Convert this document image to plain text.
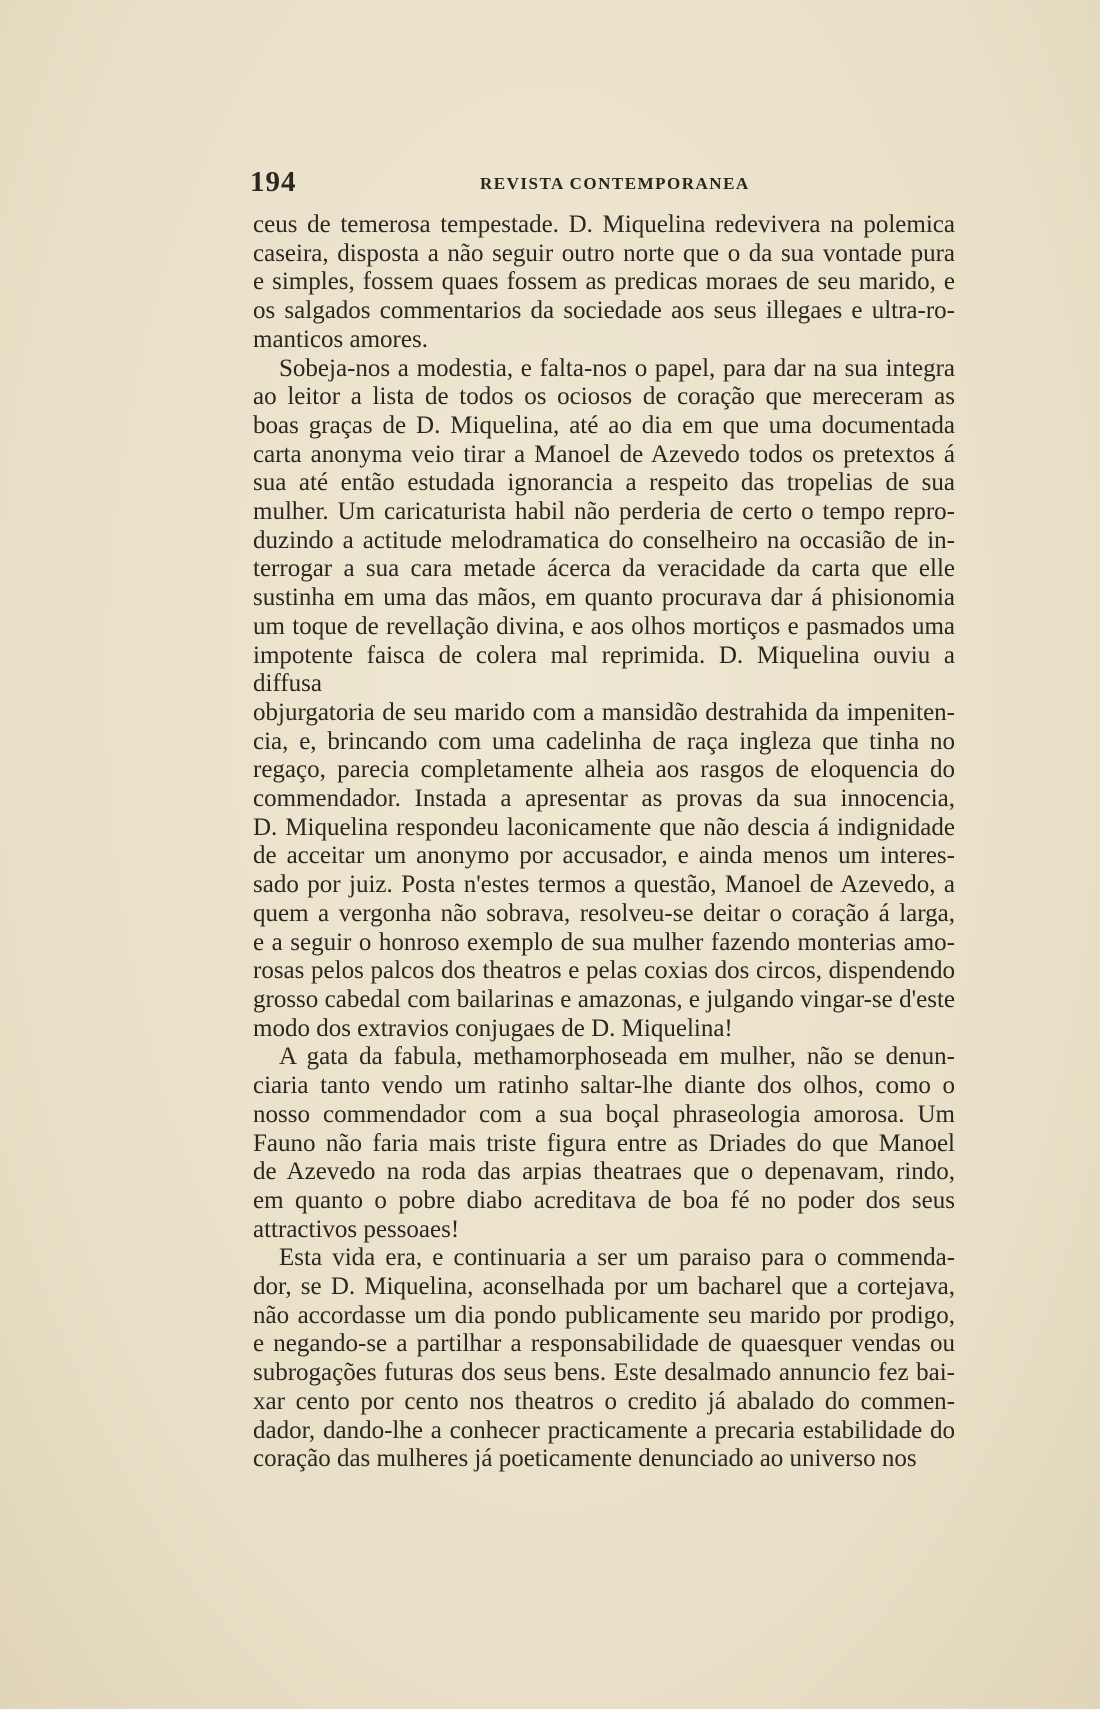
194	REVISTA CONTEMPORANEA

ceus de temerosa tempestade. D. Miquelina redevivera na polemica

caseira, disposta a não seguir outro norte que o da sua vontade pura

e simples, fossem quaes fossem as predicas moraes de seu marido, e

os salgados commentarios da sociedade aos seus illegaes e ultra-ro-

manticos amores.

Sobeja-nos a modestia, e falta-nos o papel, para dar na sua integra

ao leitor a lista de todos os ociosos de coração que mereceram as

boas graças de D. Miquelina, até ao dia em que uma documentada

carta anonyma veio tirar a Manoel de Azevedo todos os pretextos á

sua até então estudada ignorancia a respeito das tropelias de sua

mulher. Um caricaturista habil não perderia de certo o tempo repro-

duzindo a actitude melodramatica do conselheiro na occasião de in-

terrogar a sua cara metade ácerca da veracidade da carta que elle

sustinha em uma das mãos, em quanto procurava dar á phisionomia

um toque de revellação divina, e aos olhos mortiços e pasmados uma

impotente faisca de colera mal reprimida. D. Miquelina ouviu a diffusa

objurgatoria de seu marido com a mansidão destrahida da impeniten-

cia, e, brincando com uma cadelinha de raça ingleza que tinha no

regaço, parecia completamente alheia aos rasgos de eloquencia do

commendador. Instada a apresentar as provas da sua innocencia,

D. Miquelina respondeu laconicamente que não descia á indignidade

de acceitar um anonymo por accusador, e ainda menos um interes-

sado por juiz. Posta n'estes termos a questão, Manoel de Azevedo, a

quem a vergonha não sobrava, resolveu-se deitar o coração á larga,

e a seguir o honroso exemplo de sua mulher fazendo monterias amo-

rosas pelos palcos dos theatros e pelas coxias dos circos, dispendendo

grosso cabedal com bailarinas e amazonas, e julgando vingar-se d'este

modo dos extravios conjugaes de D. Miquelina!

A gata da fabula, methamorphoseada em mulher, não se denun-

ciaria tanto vendo um ratinho saltar-lhe diante dos olhos, como o

nosso commendador com a sua boçal phraseologia amorosa. Um

Fauno não faria mais triste figura entre as Driades do que Manoel

de Azevedo na roda das arpias theatraes que o depenavam, rindo,

em quanto o pobre diabo acreditava de boa fé no poder dos seus

attractivos pessoaes!

Esta vida era, e continuaria a ser um paraiso para o commenda-

dor, se D. Miquelina, aconselhada por um bacharel que a cortejava,

não accordasse um dia pondo publicamente seu marido por prodigo,

e negando-se a partilhar a responsabilidade de quaesquer vendas ou

subrogações futuras dos seus bens. Este desalmado annuncio fez bai-

xar cento por cento nos theatros o credito já abalado do commen-

dador, dando-lhe a conhecer practicamente a precaria estabilidade do

coração das mulheres já poeticamente denunciado ao universo nos
